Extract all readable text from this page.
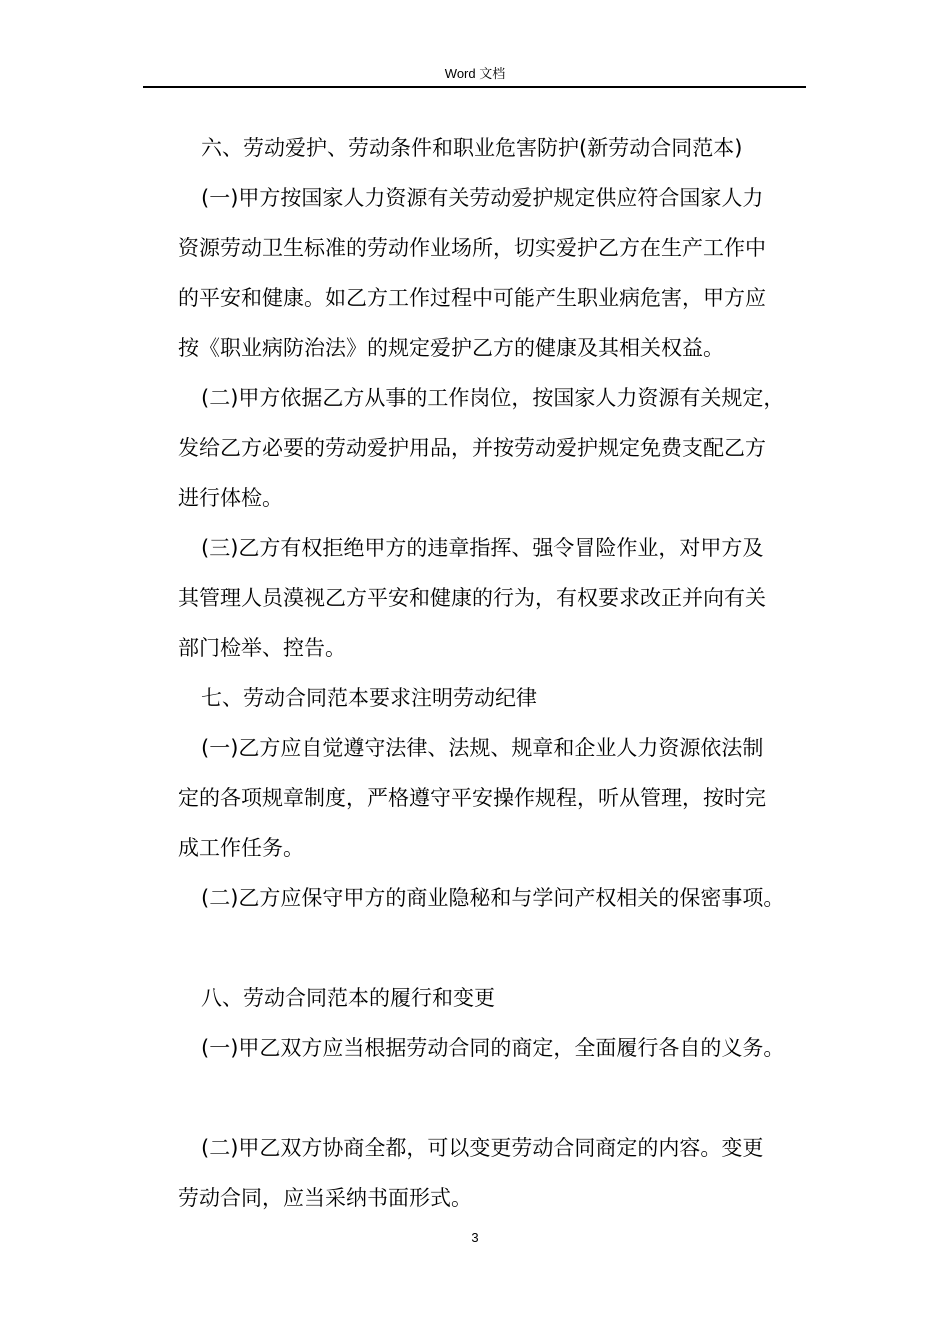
Word 文档
六、劳动爱护、劳动条件和职业危害防护(新劳动合同范本)
(一)甲方按国家人力资源有关劳动爱护规定供应符合国家人力
资源劳动卫生标准的劳动作业场所，切实爱护乙方在生产工作中
的平安和健康。如乙方工作过程中可能产生职业病危害，甲方应
按《职业病防治法》的规定爱护乙方的健康及其相关权益。
(二)甲方依据乙方从事的工作岗位，按国家人力资源有关规定，
发给乙方必要的劳动爱护用品，并按劳动爱护规定免费支配乙方
进行体检。
(三)乙方有权拒绝甲方的违章指挥、强令冒险作业，对甲方及
其管理人员漠视乙方平安和健康的行为，有权要求改正并向有关
部门检举、控告。
七、劳动合同范本要求注明劳动纪律
(一)乙方应自觉遵守法律、法规、规章和企业人力资源依法制
定的各项规章制度，严格遵守平安操作规程，听从管理，按时完
成工作任务。
(二)乙方应保守甲方的商业隐秘和与学问产权相关的保密事项。
八、劳动合同范本的履行和变更
(一)甲乙双方应当根据劳动合同的商定，全面履行各自的义务。
(二)甲乙双方协商全都，可以变更劳动合同商定的内容。变更
劳动合同，应当采纳书面形式。
3
